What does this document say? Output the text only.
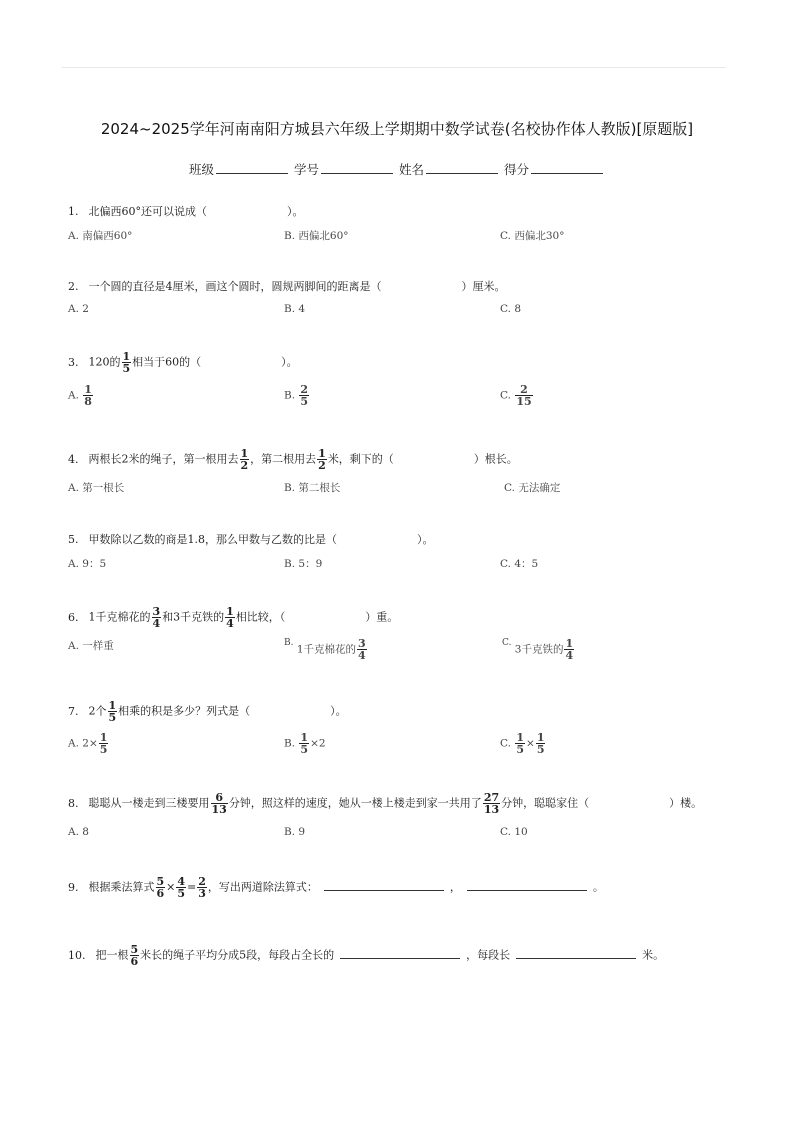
2024~2025学年河南南阳方城县六年级上学期期中数学试卷(名校协作体人教版)[原题版]
班级	学号	姓名	得分
1. 北偏西60°还可以说成（	）。
A. 南偏西60°	B. 西偏北60°	C. 西偏北30°
2. 一个圆的直径是4厘米，画这个圆时，圆规两脚间的距离是（	）厘米。
A. 2	B. 4	C. 8
3. 120的 $\frac{1}{5}$ 相当于60的（	）。
A. $\frac{1}{8}$	B. $\frac{2}{5}$	C. $\frac{2}{15}$
4. 两根长2米的绳子，第一根用去 $\frac{1}{2}$ ，第二根用去 $\frac{1}{2}$ 米，剩下的（	）根长。
A. 第一根长	B. 第二根长	C. 无法确定
5. 甲数除以乙数的商是1.8，那么甲数与乙数的比是（	）。
A. 9：5	B. 5：9	C. 4：5
6. 1千克棉花的 $\frac{3}{4}$ 和3千克铁的 $\frac{1}{4}$ 相比较，（	）重。
A. 一样重	B. 1千克棉花的 $\frac{3}{4}$	C. 3千克铁的 $\frac{1}{4}$
7. 2个 $\frac{1}{5}$ 相乘的积是多少？列式是（	）。
A. $2\times \frac{1}{5}$	B. $\frac{1}{5} \times 2$	C. $\frac{1}{5} \times \frac{1}{5}$
8. 聪聪从一楼走到三楼要用 $\frac{6}{13}$ 分钟，照这样的速度，她从一楼上楼走到家一共用了 $\frac{27}{13}$ 分钟，聪聪家住（	）楼。
A. 8	B. 9	C. 10
9. 根据乘法算式 $\frac{5}{6} \times \frac{4}{5} = \frac{2}{3}$ ，写出两道除法算式：	，	。
10. 把一根 $\frac{5}{6}$ 米长的绳子平均分成5段，每段占全长的	，每段长	米。
